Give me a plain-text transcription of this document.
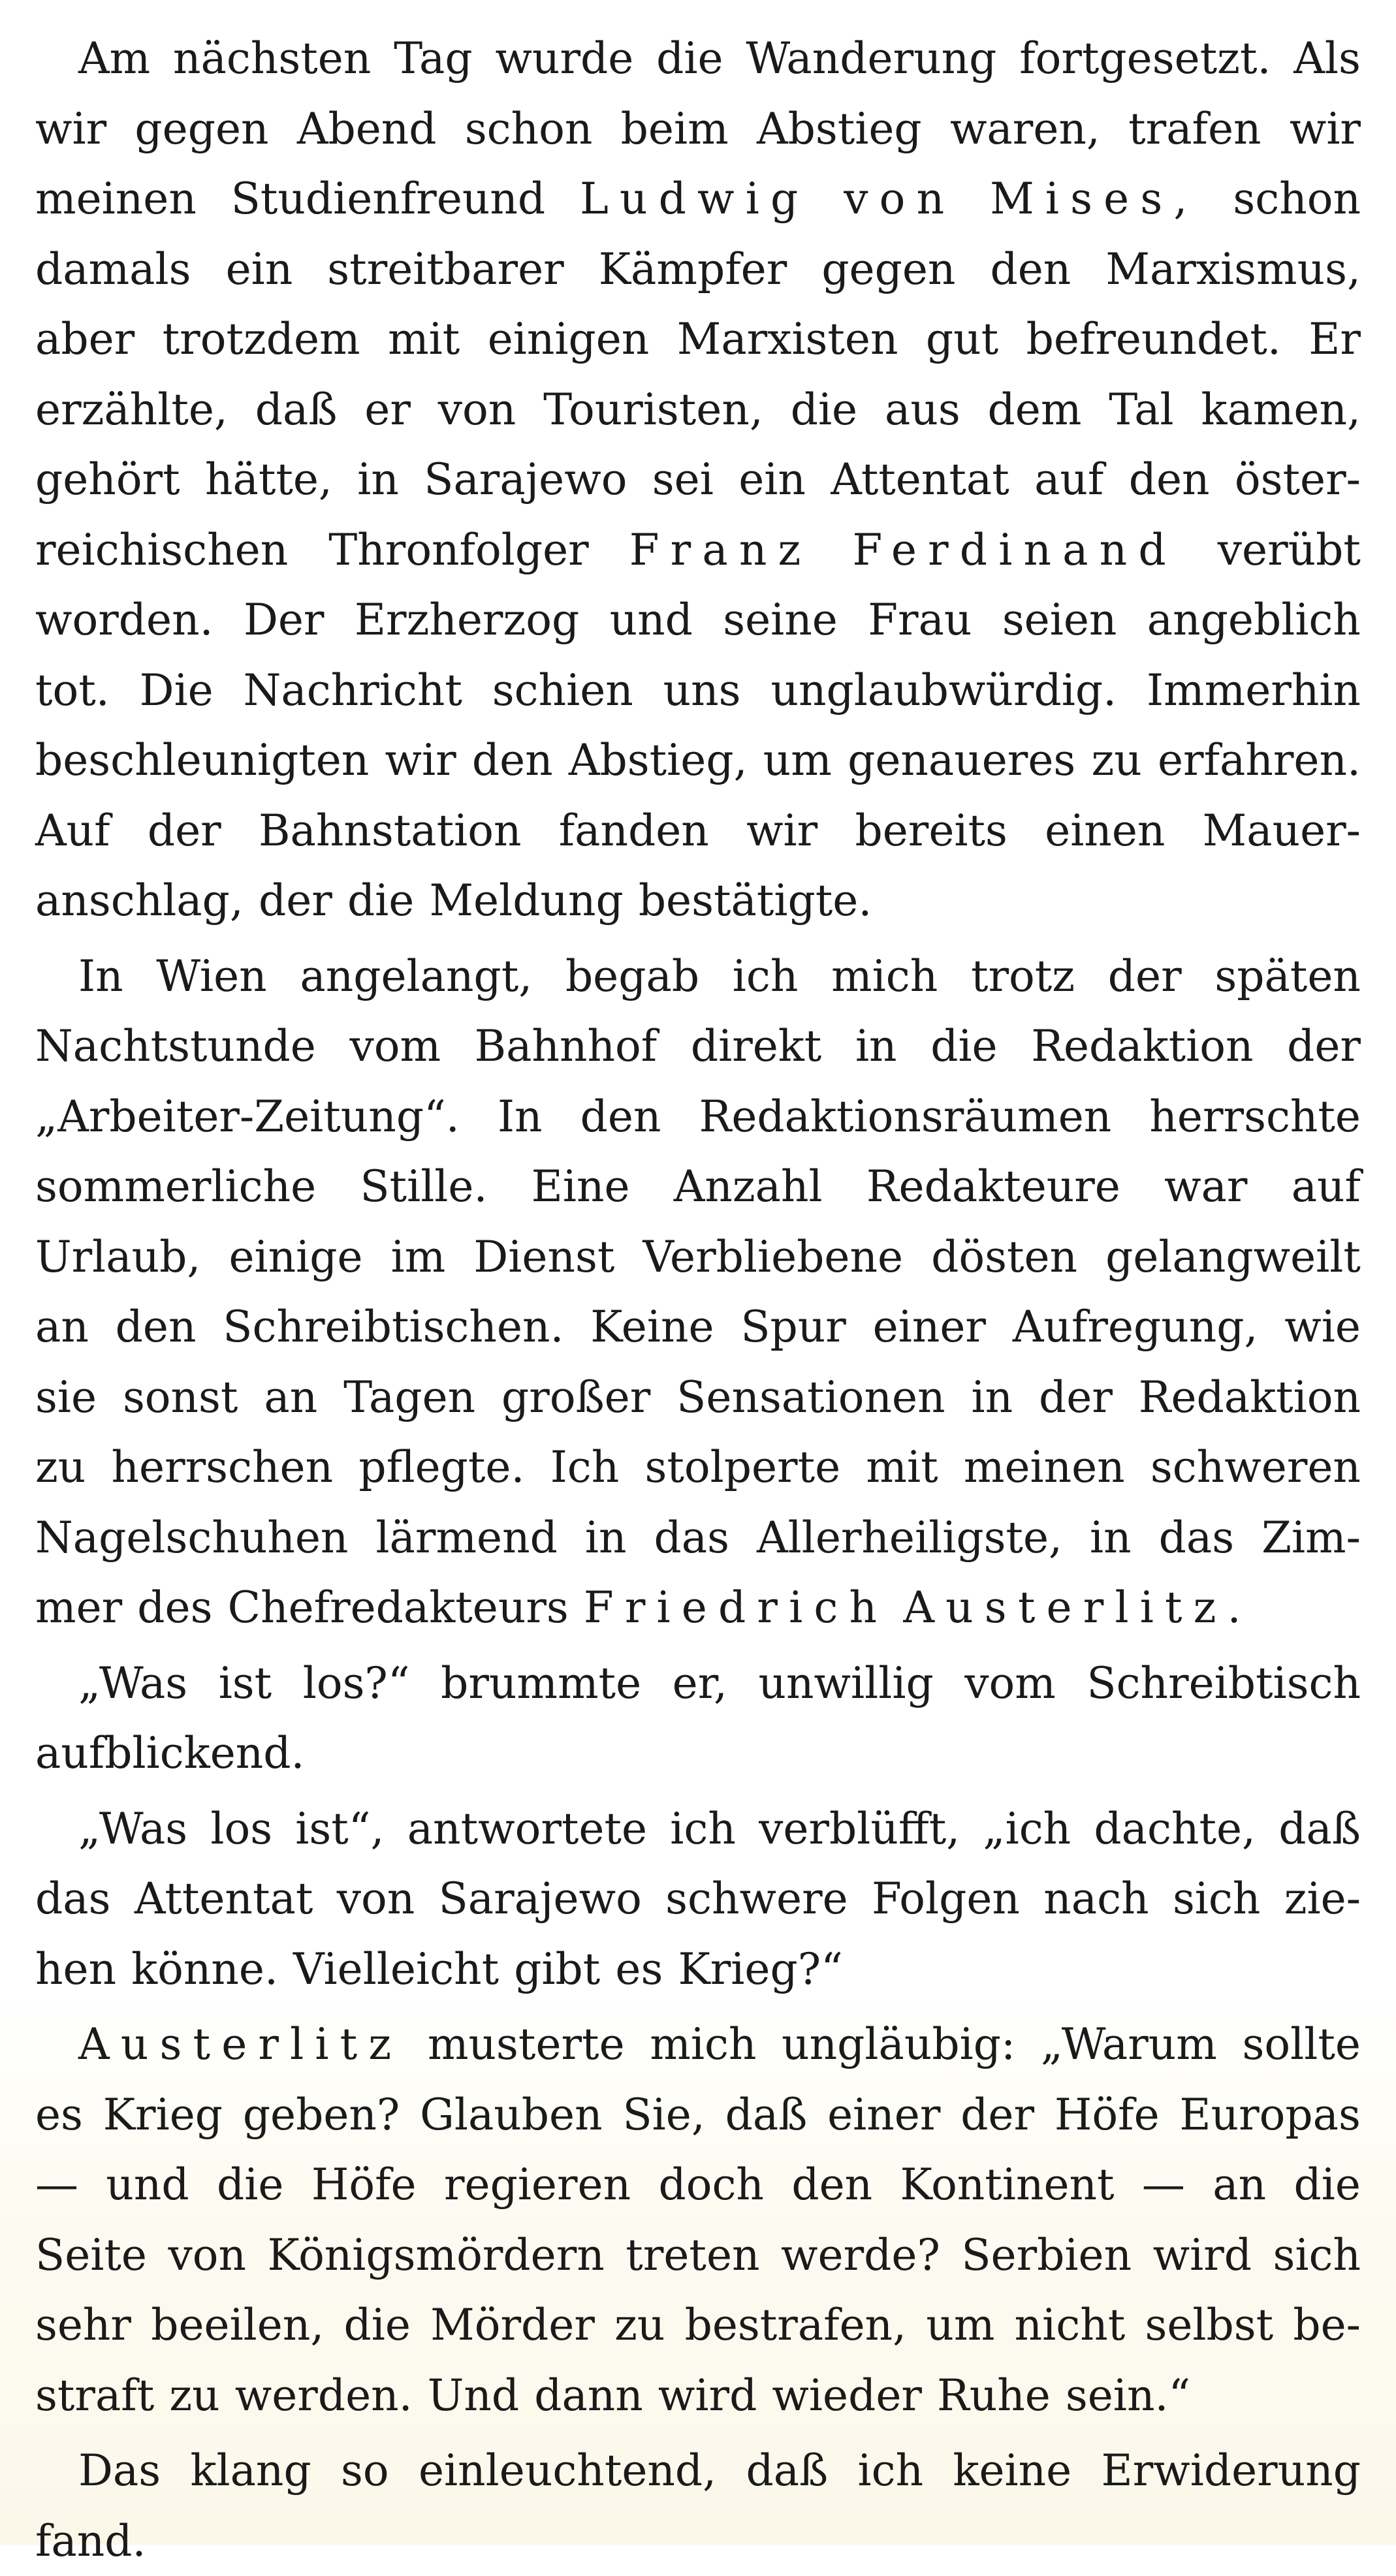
Am nächsten Tag wurde die Wanderung fortgesetzt. Als
wir gegen Abend schon beim Abstieg waren, trafen wir
meinen Studienfreund Ludwig von Mises, schon
damals ein streitbarer Kämpfer gegen den Marxismus,
aber trotzdem mit einigen Marxisten gut befreundet. Er
erzählte, daß er von Touristen, die aus dem Tal kamen,
gehört hätte, in Sarajewo sei ein Attentat auf den öster-
reichischen Thronfolger Franz Ferdinand verübt
worden. Der Erzherzog und seine Frau seien angeblich
tot. Die Nachricht schien uns unglaubwürdig. Immerhin
beschleunigten wir den Abstieg, um genaueres zu erfahren.
Auf der Bahnstation fanden wir bereits einen Mauer-
anschlag, der die Meldung bestätigte.
In Wien angelangt, begab ich mich trotz der späten
Nachtstunde vom Bahnhof direkt in die Redaktion der
„Arbeiter-Zeitung“. In den Redaktionsräumen herrschte
sommerliche Stille. Eine Anzahl Redakteure war auf
Urlaub, einige im Dienst Verbliebene dösten gelangweilt
an den Schreibtischen. Keine Spur einer Aufregung, wie
sie sonst an Tagen großer Sensationen in der Redaktion
zu herrschen pflegte. Ich stolperte mit meinen schweren
Nagelschuhen lärmend in das Allerheiligste, in das Zim-
mer des Chefredakteurs Friedrich Austerlitz.
„Was ist los?“ brummte er, unwillig vom Schreibtisch
aufblickend.
„Was los ist“, antwortete ich verblüfft, „ich dachte, daß
das Attentat von Sarajewo schwere Folgen nach sich zie-
hen könne. Vielleicht gibt es Krieg?“
Austerlitz musterte mich ungläubig: „Warum sollte
es Krieg geben? Glauben Sie, daß einer der Höfe Europas
— und die Höfe regieren doch den Kontinent — an die
Seite von Königsmördern treten werde? Serbien wird sich
sehr beeilen, die Mörder zu bestrafen, um nicht selbst be-
straft zu werden. Und dann wird wieder Ruhe sein.“
Das klang so einleuchtend, daß ich keine Erwiderung
fand.
